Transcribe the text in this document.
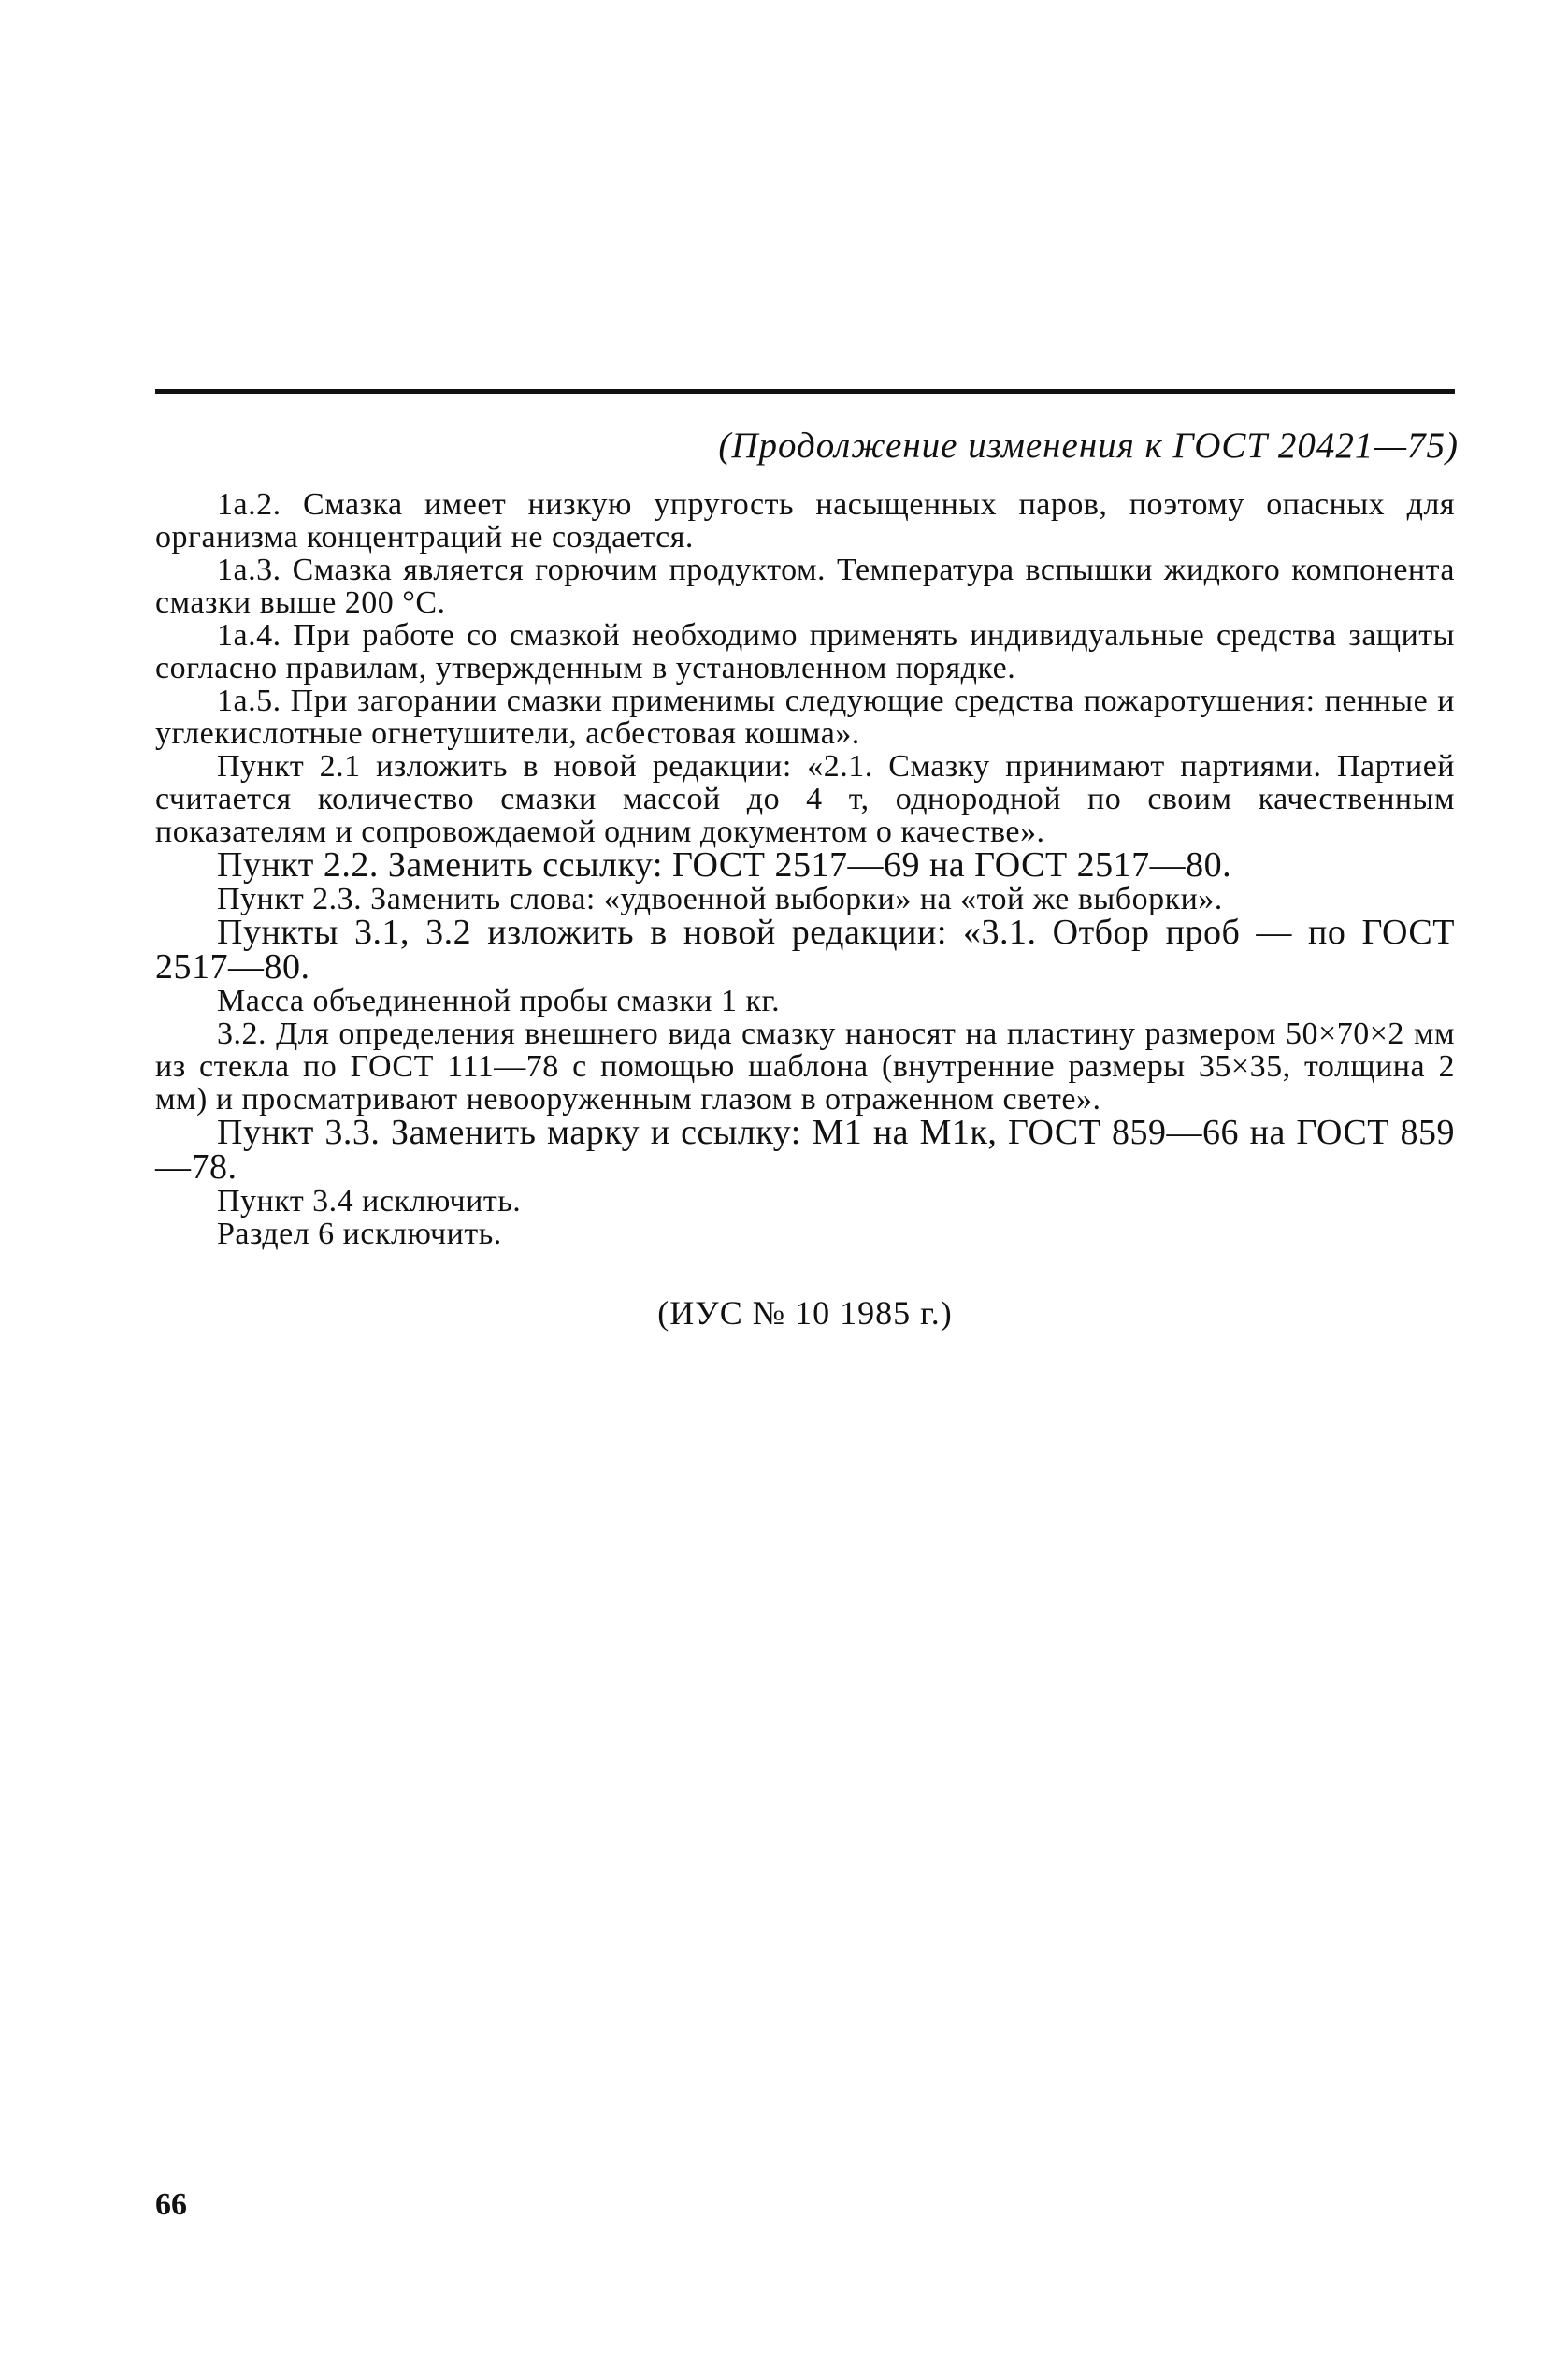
(Продолжение изменения к ГОСТ 20421—75)

1а.2. Смазка имеет низкую упругость насыщенных паров, поэтому опасных для организма концентраций не создается.

1а.3. Смазка является горючим продуктом. Температура вспышки жидкого компонента смазки выше 200 °С.

1а.4. При работе со смазкой необходимо применять индивидуальные средства защиты согласно правилам, утвержденным в установленном порядке.

1а.5. При загорании смазки применимы следующие средства пожаротушения: пенные и углекислотные огнетушители, асбестовая кошма».

Пункт 2.1 изложить в новой редакции: «2.1. Смазку принимают партиями. Партией считается количество смазки массой до 4 т, однородной по своим качественным показателям и сопровождаемой одним документом о качестве».

Пункт 2.2. Заменить ссылку: ГОСТ 2517—69 на ГОСТ 2517—80.

Пункт 2.3. Заменить слова: «удвоенной выборки» на «той же выборки».

Пункты 3.1, 3.2 изложить в новой редакции: «3.1. Отбор проб — по ГОСТ 2517—80.

Масса объединенной пробы смазки 1 кг.

3.2. Для определения внешнего вида смазку наносят на пластину размером 50×70×2 мм из стекла по ГОСТ 111—78 с помощью шаблона (внутренние размеры 35×35, толщина 2 мм) и просматривают невооруженным глазом в отраженном свете».

Пункт 3.3. Заменить марку и ссылку: М1 на М1к, ГОСТ 859—66 на ГОСТ 859—78.

Пункт 3.4 исключить.

Раздел 6 исключить.

(ИУС № 10 1985 г.)
66
